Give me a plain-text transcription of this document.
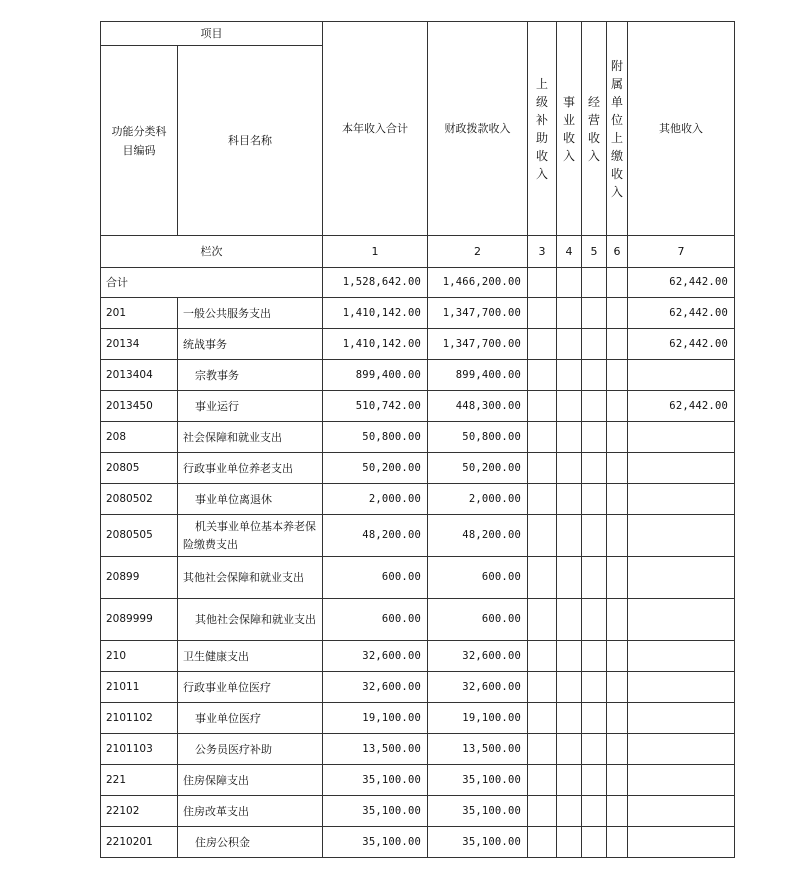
项目		本年收入合计	财政拨款收入	上级补助收入	事业收入	经营收入	附属单位上缴收入	其他收入
功能分类科目编码	科目名称							
栏次		1	2	3	4	5	6	7
合计		1,528,642.00	1,466,200.00					62,442.00
201	一般公共服务支出	1,410,142.00	1,347,700.00					62,442.00
20134	统战事务	1,410,142.00	1,347,700.00					62,442.00
2013404	宗教事务	899,400.00	899,400.00					
2013450	事业运行	510,742.00	448,300.00					62,442.00
208	社会保障和就业支出	50,800.00	50,800.00					
20805	行政事业单位养老支出	50,200.00	50,200.00					
2080502	事业单位离退休	2,000.00	2,000.00					
2080505	机关事业单位基本养老保险缴费支出	48,200.00	48,200.00					
20899	其他社会保障和就业支出	600.00	600.00					
2089999	其他社会保障和就业支出	600.00	600.00					
210	卫生健康支出	32,600.00	32,600.00					
21011	行政事业单位医疗	32,600.00	32,600.00					
2101102	事业单位医疗	19,100.00	19,100.00					
2101103	公务员医疗补助	13,500.00	13,500.00					
221	住房保障支出	35,100.00	35,100.00					
22102	住房改革支出	35,100.00	35,100.00					
2210201	住房公积金	35,100.00	35,100.00					
